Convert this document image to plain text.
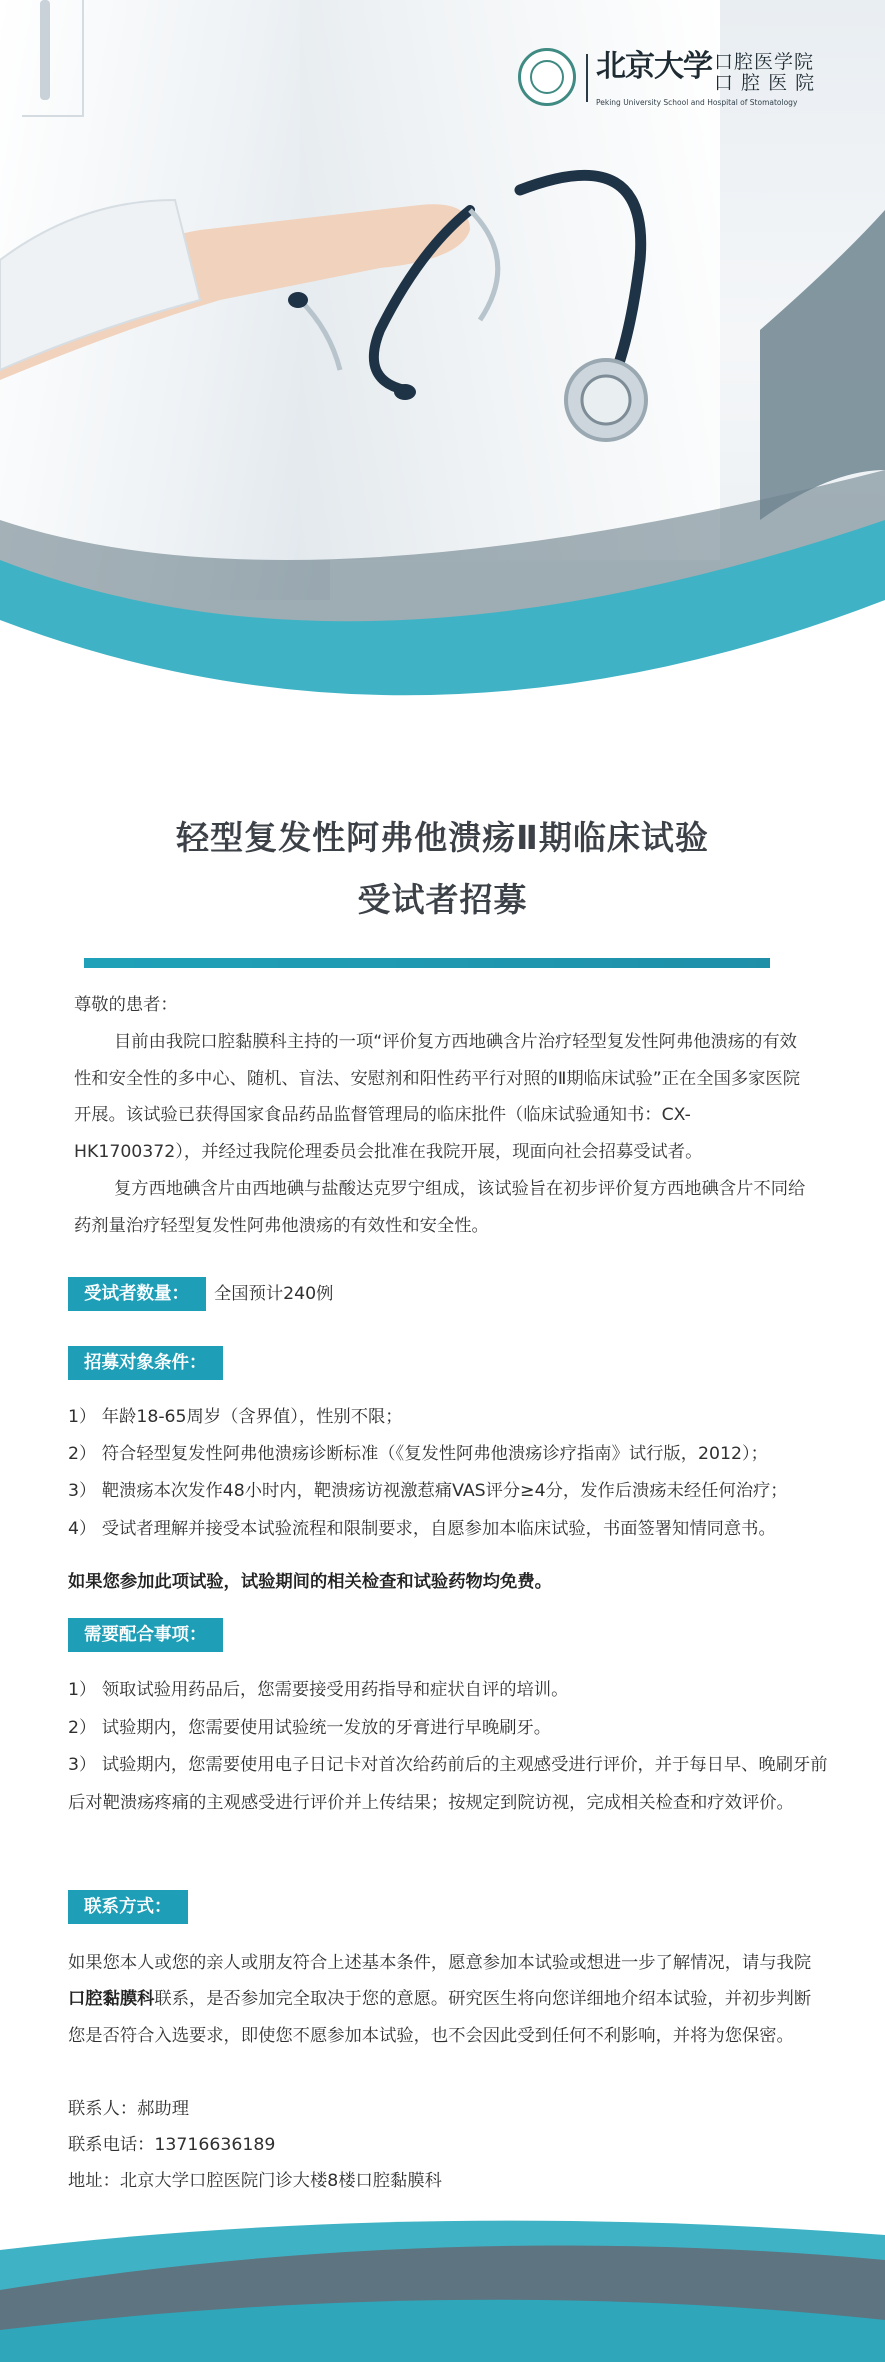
北京大学 口腔医学院
口 腔 医 院
Peking University School and Hospital of Stomatology
轻型复发性阿弗他溃疡Ⅱ期临床试验
受试者招募
尊敬的患者：
目前由我院口腔黏膜科主持的一项“评价复方西地碘含片治疗轻型复发性阿弗他溃疡的有效性和安全性的多中心、随机、盲法、安慰剂和阳性药平行对照的Ⅱ期临床试验”正在全国多家医院开展。该试验已获得国家食品药品监督管理局的临床批件（临床试验通知书：CX-HK1700372），并经过我院伦理委员会批准在我院开展，现面向社会招募受试者。
复方西地碘含片由西地碘与盐酸达克罗宁组成，该试验旨在初步评价复方西地碘含片不同给药剂量治疗轻型复发性阿弗他溃疡的有效性和安全性。
受试者数量：	全国预计240例
招募对象条件：
1） 年龄18-65周岁（含界值），性别不限；
2） 符合轻型复发性阿弗他溃疡诊断标准（《复发性阿弗他溃疡诊疗指南》试行版，2012）；
3） 靶溃疡本次发作48小时内，靶溃疡访视激惹痛VAS评分≥4分，发作后溃疡未经任何治疗；
4） 受试者理解并接受本试验流程和限制要求，自愿参加本临床试验，书面签署知情同意书。
如果您参加此项试验，试验期间的相关检查和试验药物均免费。
需要配合事项：
1） 领取试验用药品后，您需要接受用药指导和症状自评的培训。
2） 试验期内，您需要使用试验统一发放的牙膏进行早晚刷牙。
3） 试验期内，您需要使用电子日记卡对首次给药前后的主观感受进行评价，并于每日早、晚刷牙前后对靶溃疡疼痛的主观感受进行评价并上传结果；按规定到院访视，完成相关检查和疗效评价。
联系方式：
如果您本人或您的亲人或朋友符合上述基本条件，愿意参加本试验或想进一步了解情况，请与我院口腔黏膜科联系，是否参加完全取决于您的意愿。研究医生将向您详细地介绍本试验，并初步判断您是否符合入选要求，即使您不愿参加本试验，也不会因此受到任何不利影响，并将为您保密。
联系人：郝助理
联系电话：13716636189
地址：北京大学口腔医院门诊大楼8楼口腔黏膜科
